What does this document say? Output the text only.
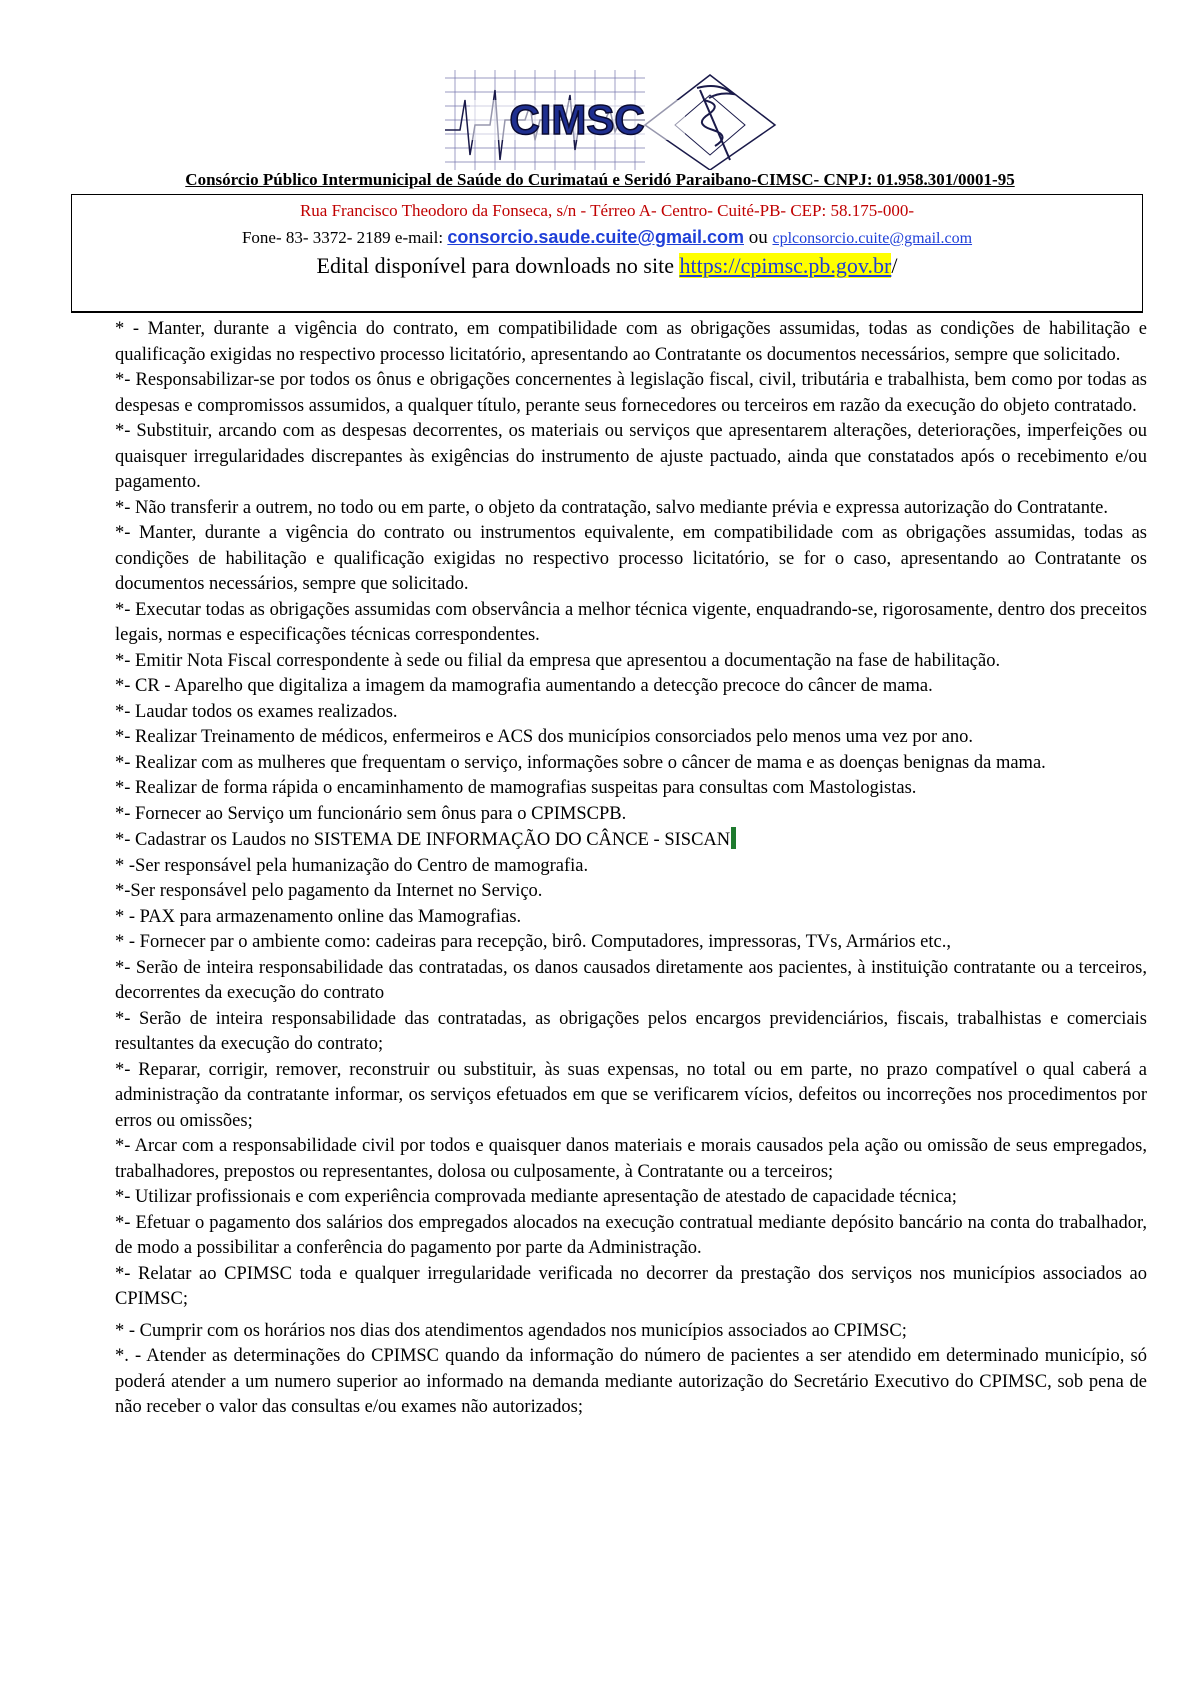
CIMSC
Consórcio Público Intermunicipal de Saúde do Curimataú e Seridó Paraibano-CIMSC- CNPJ: 01.958.301/0001-95
Rua Francisco Theodoro da Fonseca, s/n - Térreo A- Centro- Cuité-PB- CEP: 58.175-000-
Fone- 83- 3372- 2189 e-mail: consorcio.saude.cuite@gmail.com ou cplconsorcio.cuite@gmail.com
Edital disponível para downloads no site https://cpimsc.pb.gov.br/

* - Manter, durante a vigência do contrato, em compatibilidade com as obrigações assumidas, todas as condições de habilitação e qualificação exigidas no respectivo processo licitatório, apresentando ao Contratante os documentos necessários, sempre que solicitado.

*- Responsabilizar-se por todos os ônus e obrigações concernentes à legislação fiscal, civil, tributária e trabalhista, bem como por todas as despesas e compromissos assumidos, a qualquer título, perante seus fornecedores ou terceiros em razão da execução do objeto contratado.

*- Substituir, arcando com as despesas decorrentes, os materiais ou serviços que apresentarem alterações, deteriorações, imperfeições ou quaisquer irregularidades discrepantes às exigências do instrumento de ajuste pactuado, ainda que constatados após o recebimento e/ou pagamento.

*- Não transferir a outrem, no todo ou em parte, o objeto da contratação, salvo mediante prévia e expressa autorização do Contratante.

*- Manter, durante a vigência do contrato ou instrumentos equivalente, em compatibilidade com as obrigações assumidas, todas as condições de habilitação e qualificação exigidas no respectivo processo licitatório, se for o caso, apresentando ao Contratante os documentos necessários, sempre que solicitado.

*- Executar todas as obrigações assumidas com observância a melhor técnica vigente, enquadrando-se, rigorosamente, dentro dos preceitos legais, normas e especificações técnicas correspondentes.

*- Emitir Nota Fiscal correspondente à sede ou filial da empresa que apresentou a documentação na fase de habilitação.

*- CR - Aparelho que digitaliza a imagem da mamografia aumentando a detecção precoce do câncer de mama.

*- Laudar todos os exames realizados.

*- Realizar Treinamento de médicos, enfermeiros e ACS dos municípios consorciados pelo menos uma vez por ano.

*- Realizar com as mulheres que frequentam o serviço, informações sobre o câncer de mama e as doenças benignas da mama.

*- Realizar de forma rápida o encaminhamento de mamografias suspeitas para consultas com Mastologistas.

*- Fornecer ao Serviço um funcionário sem ônus para o CPIMSCPB.

*- Cadastrar os Laudos no SISTEMA DE INFORMAÇÃO DO CÂNCE - SISCAN

* -Ser responsável pela humanização do Centro de mamografia.

*-Ser responsável pelo pagamento da Internet no Serviço.

* - PAX para armazenamento online das Mamografias.

* - Fornecer par o ambiente como: cadeiras para recepção, birô. Computadores, impressoras, TVs, Armários etc.,

*- Serão de inteira responsabilidade das contratadas, os danos causados diretamente aos pacientes, à instituição contratante ou a terceiros, decorrentes da execução do contrato

*- Serão de inteira responsabilidade das contratadas, as obrigações pelos encargos previdenciários, fiscais, trabalhistas e comerciais resultantes da execução do contrato;

*- Reparar, corrigir, remover, reconstruir ou substituir, às suas expensas, no total ou em parte, no prazo compatível o qual caberá a administração da contratante informar, os serviços efetuados em que se verificarem vícios, defeitos ou incorreções nos procedimentos por erros ou omissões;

*- Arcar com a responsabilidade civil por todos e quaisquer danos materiais e morais causados pela ação ou omissão de seus empregados, trabalhadores, prepostos ou representantes, dolosa ou culposamente, à Contratante ou a terceiros;

*- Utilizar profissionais e com experiência comprovada mediante apresentação de atestado de capacidade técnica;

*- Efetuar o pagamento dos salários dos empregados alocados na execução contratual mediante depósito bancário na conta do trabalhador, de modo a possibilitar a conferência do pagamento por parte da Administração.

*- Relatar ao CPIMSC toda e qualquer irregularidade verificada no decorrer da prestação dos serviços nos municípios associados ao CPIMSC;

* - Cumprir com os horários nos dias dos atendimentos agendados nos municípios associados ao CPIMSC;

*. - Atender as determinações do CPIMSC quando da informação do número de pacientes a ser atendido em determinado município, só poderá atender a um numero superior ao informado na demanda mediante autorização do Secretário Executivo do CPIMSC, sob pena de não receber o valor das consultas e/ou exames não autorizados;
